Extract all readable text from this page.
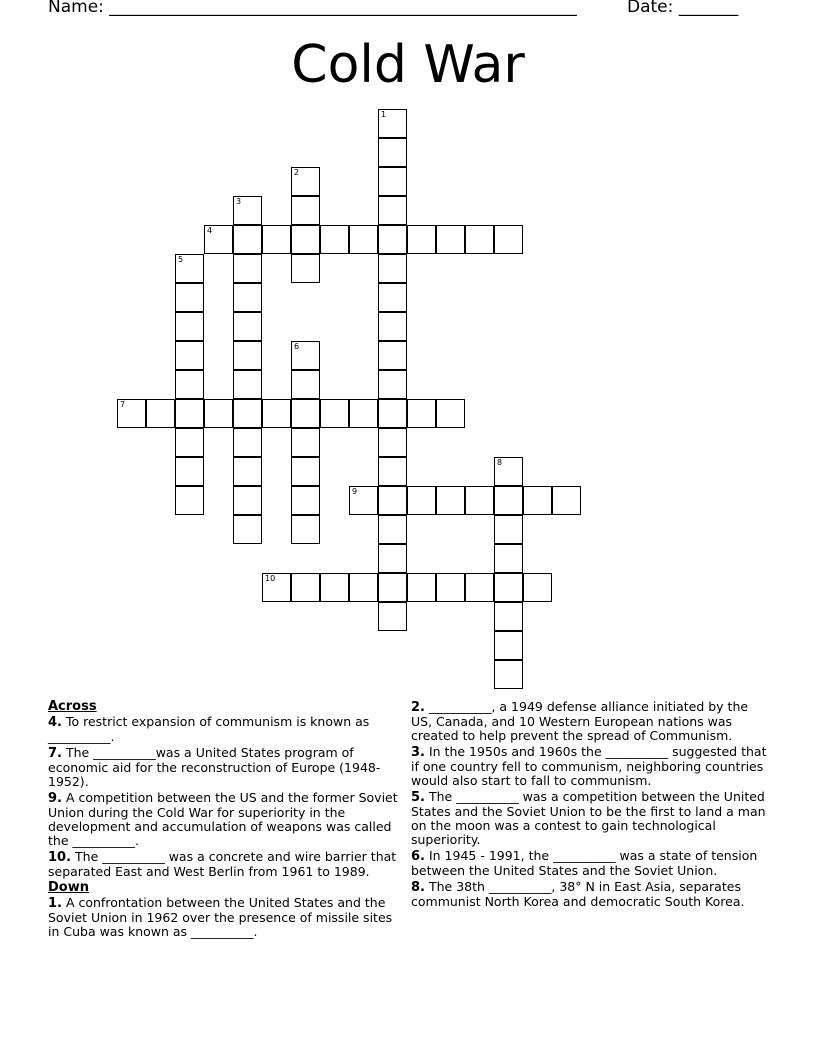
Name: _______________________________________________________	Date: _______
Cold War
1
2
3
4
5
6
7
8
9
10
Across
4. To restrict expansion of communism is known as __________.
7. The __________was a United States program of economic aid for the reconstruction of Europe (1948-1952).
9. A competition between the US and the former Soviet Union during the Cold War for superiority in the development and accumulation of weapons was called the __________.
10. The __________ was a concrete and wire barrier that separated East and West Berlin from 1961 to 1989.
Down
1. A confrontation between the United States and the Soviet Union in 1962 over the presence of missile sites in Cuba was known as __________.
2. __________, a 1949 defense alliance initiated by the US, Canada, and 10 Western European nations was created to help prevent the spread of Communism.
3. In the 1950s and 1960s the __________ suggested that if one country fell to communism, neighboring countries would also start to fall to communism.
5. The __________ was a competition between the United States and the Soviet Union to be the first to land a man on the moon was a contest to gain technological superiority.
6. In 1945 - 1991, the __________ was a state of tension between the United States and the Soviet Union.
8. The 38th __________, 38° N in East Asia, separates communist North Korea and democratic South Korea.
